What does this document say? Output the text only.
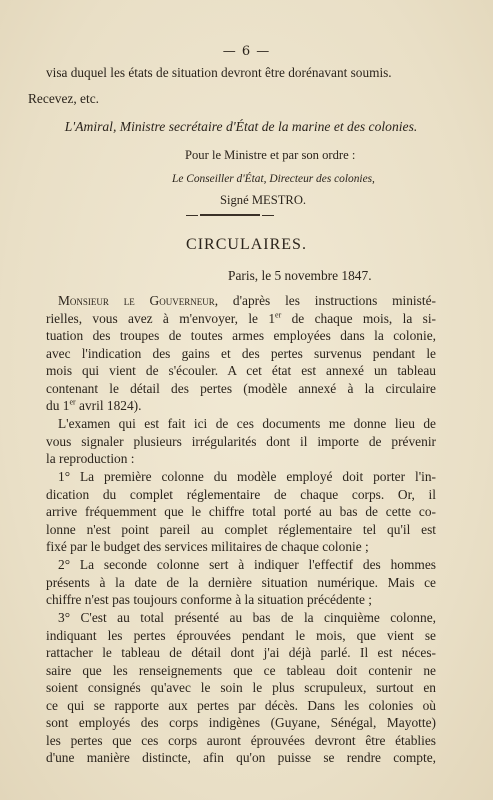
— 6 —
visa duquel les états de situation devront être dorénavant soumis.
Recevez, etc.
L'Amiral, Ministre secrétaire d'État de la marine et des colonies.
Pour le Ministre et par son ordre :
Le Conseiller d'État, Directeur des colonies,
Signé MESTRO.
CIRCULAIRES.
Paris, le 5 novembre 1847.
Monsieur le Gouverneur, d'après les instructions ministé-
rielles, vous avez à m'envoyer, le 1er de chaque mois, la si-
tuation des troupes de toutes armes employées dans la colonie,
avec l'indication des gains et des pertes survenus pendant le
mois qui vient de s'écouler. A cet état est annexé un tableau
contenant le détail des pertes (modèle annexé à la circulaire
du 1er avril 1824).
L'examen qui est fait ici de ces documents me donne lieu de
vous signaler plusieurs irrégularités dont il importe de prévenir
la reproduction :
1° La première colonne du modèle employé doit porter l'in-
dication du complet réglementaire de chaque corps. Or, il
arrive fréquemment que le chiffre total porté au bas de cette co-
lonne n'est point pareil au complet réglementaire tel qu'il est
fixé par le budget des services militaires de chaque colonie ;
2° La seconde colonne sert à indiquer l'effectif des hommes
présents à la date de la dernière situation numérique. Mais ce
chiffre n'est pas toujours conforme à la situation précédente ;
3° C'est au total présenté au bas de la cinquième colonne,
indiquant les pertes éprouvées pendant le mois, que vient se
rattacher le tableau de détail dont j'ai déjà parlé. Il est néces-
saire que les renseignements que ce tableau doit contenir ne
soient consignés qu'avec le soin le plus scrupuleux, surtout en
ce qui se rapporte aux pertes par décès. Dans les colonies où
sont employés des corps indigènes (Guyane, Sénégal, Mayotte)
les pertes que ces corps auront éprouvées devront être établies
d'une manière distincte, afin qu'on puisse se rendre compte,
